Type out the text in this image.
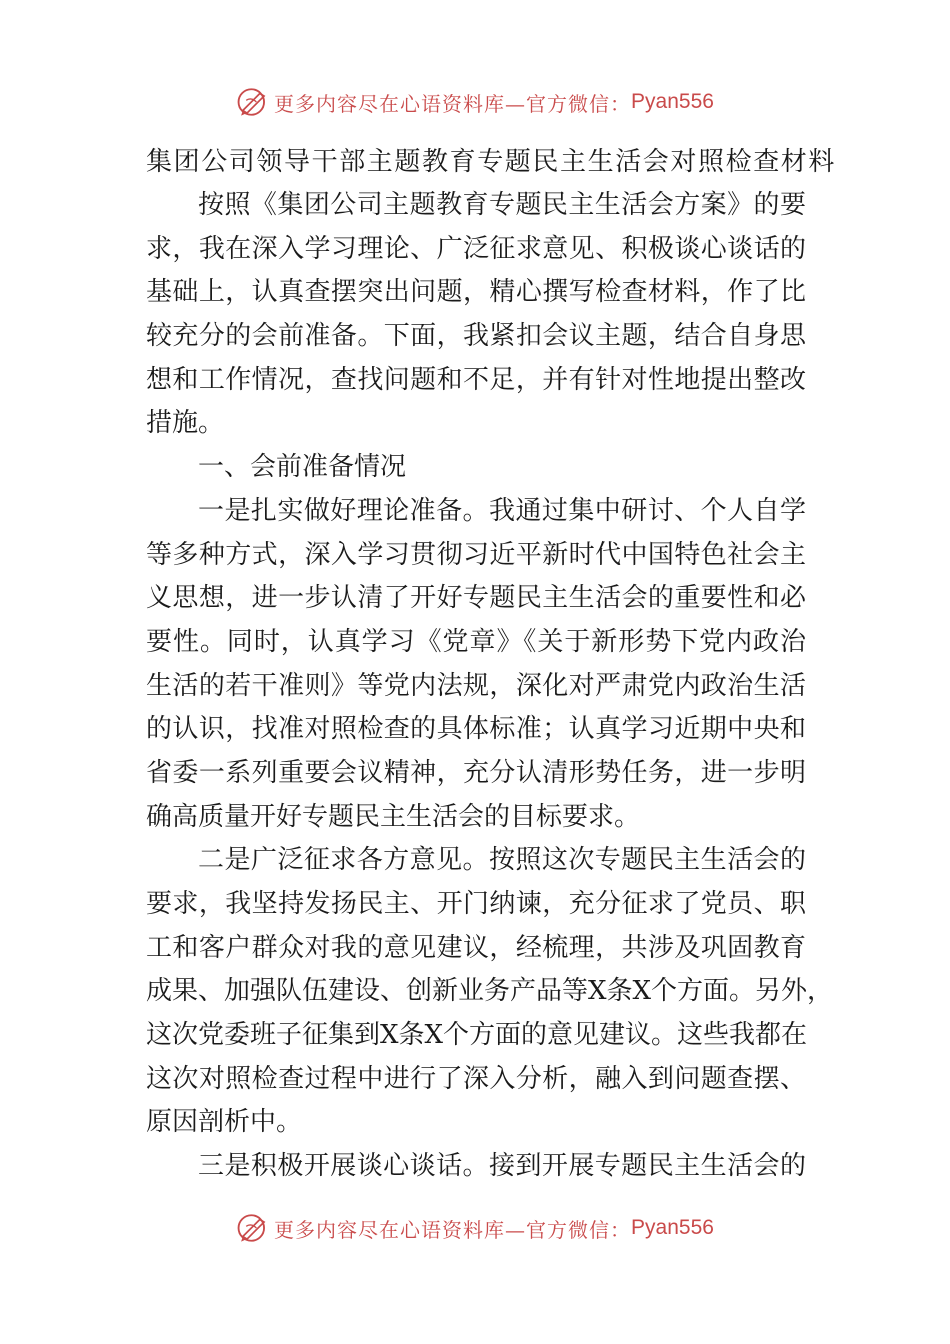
更多内容尽在心语资料库—官方微信： Pyan556
集团公司领导干部主题教育专题民主生活会对照检查材料
按照《集团公司主题教育专题民主生活会方案》的要
求，我在深入学习理论、广泛征求意见、积极谈心谈话的
基础上，认真查摆突出问题，精心撰写检查材料，作了比
较充分的会前准备。下面，我紧扣会议主题，结合自身思
想和工作情况，查找问题和不足，并有针对性地提出整改
措施。
一、会前准备情况
一是扎实做好理论准备。我通过集中研讨、个人自学
等多种方式，深入学习贯彻习近平新时代中国特色社会主
义思想，进一步认清了开好专题民主生活会的重要性和必
要性。同时，认真学习《党章》《关于新形势下党内政治
生活的若干准则》等党内法规，深化对严肃党内政治生活
的认识，找准对照检查的具体标准；认真学习近期中央和
省委一系列重要会议精神，充分认清形势任务，进一步明
确高质量开好专题民主生活会的目标要求。
二是广泛征求各方意见。按照这次专题民主生活会的
要求，我坚持发扬民主、开门纳谏，充分征求了党员、职
工和客户群众对我的意见建议，经梳理，共涉及巩固教育
成果、加强队伍建设、创新业务产品等X条X个方面。另外，
这次党委班子征集到X条X个方面的意见建议。这些我都在
这次对照检查过程中进行了深入分析，融入到问题查摆、
原因剖析中。
三是积极开展谈心谈话。接到开展专题民主生活会的
更多内容尽在心语资料库—官方微信： Pyan556
